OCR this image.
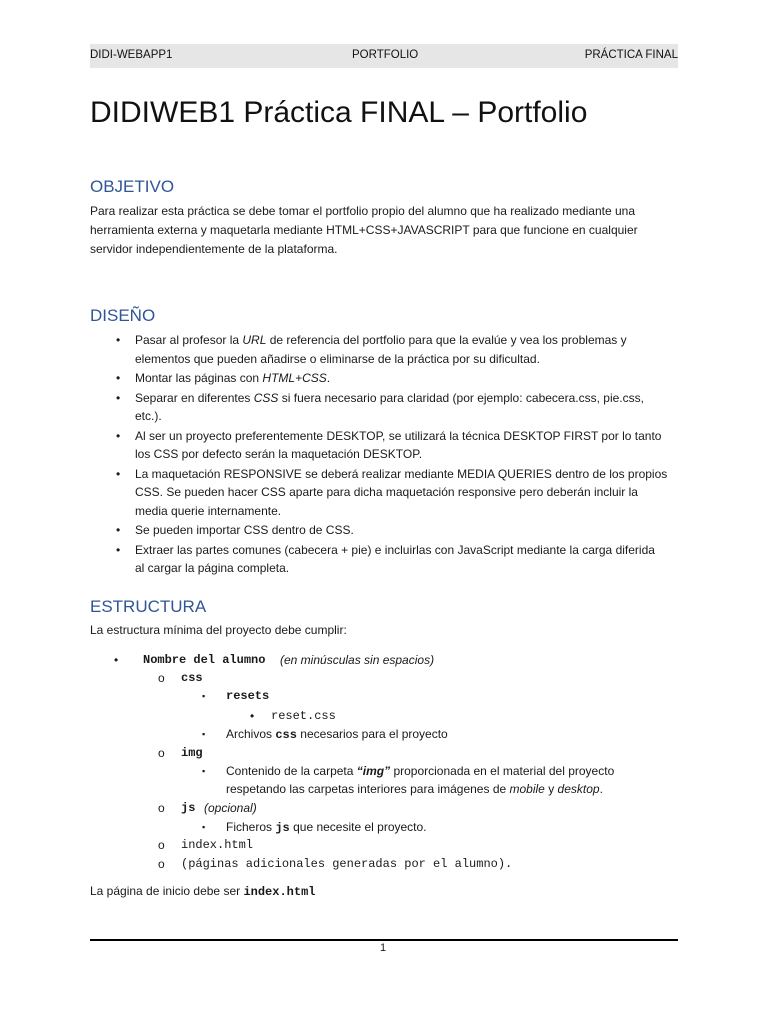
DIDI-WEBAPP1	PORTFOLIO	PRÁCTICA FINAL
DIDIWEB1 Práctica FINAL – Portfolio
OBJETIVO

Para realizar esta práctica se debe tomar el portfolio propio del alumno que ha realizado mediante una

herramienta externa y maquetarla mediante HTML+CSS+JAVASCRIPT para que funcione en cualquier

servidor independientemente de la plataforma.

DISEÑO
• Pasar al profesor la URL de referencia del portfolio para que la evalúe y vea los problemas y
elementos que pueden añadirse o eliminarse de la práctica por su dificultad.
• Montar las páginas con HTML+CSS.
• Separar en diferentes CSS si fuera necesario para claridad (por ejemplo: cabecera.css, pie.css,
etc.).
• Al ser un proyecto preferentemente DESKTOP, se utilizará la técnica DESKTOP FIRST por lo tanto
los CSS por defecto serán la maquetación DESKTOP.
• La maquetación RESPONSIVE se deberá realizar mediante MEDIA QUERIES dentro de los propios
CSS. Se pueden hacer CSS aparte para dicha maquetación responsive pero deberán incluir la
media querie internamente.
• Se pueden importar CSS dentro de CSS.
• Extraer las partes comunes (cabecera + pie) e incluirlas con JavaScript mediante la carga diferida
al cargar la página completa.
ESTRUCTURA

La estructura mínima del proyecto debe cumplir:

• Nombre del alumno (en minúsculas sin espacios)
o css
▪ resets
• reset.css
▪ Archivos css necesarios para el proyecto
o img
▪ Contenido de la carpeta “img” proporcionada en el material del proyecto
respetando las carpetas interiores para imágenes de mobile y desktop.
o js (opcional)
▪ Ficheros js que necesite el proyecto.
o index.html
o (páginas adicionales generadas por el alumno).

La página de inicio debe ser index.html

1
